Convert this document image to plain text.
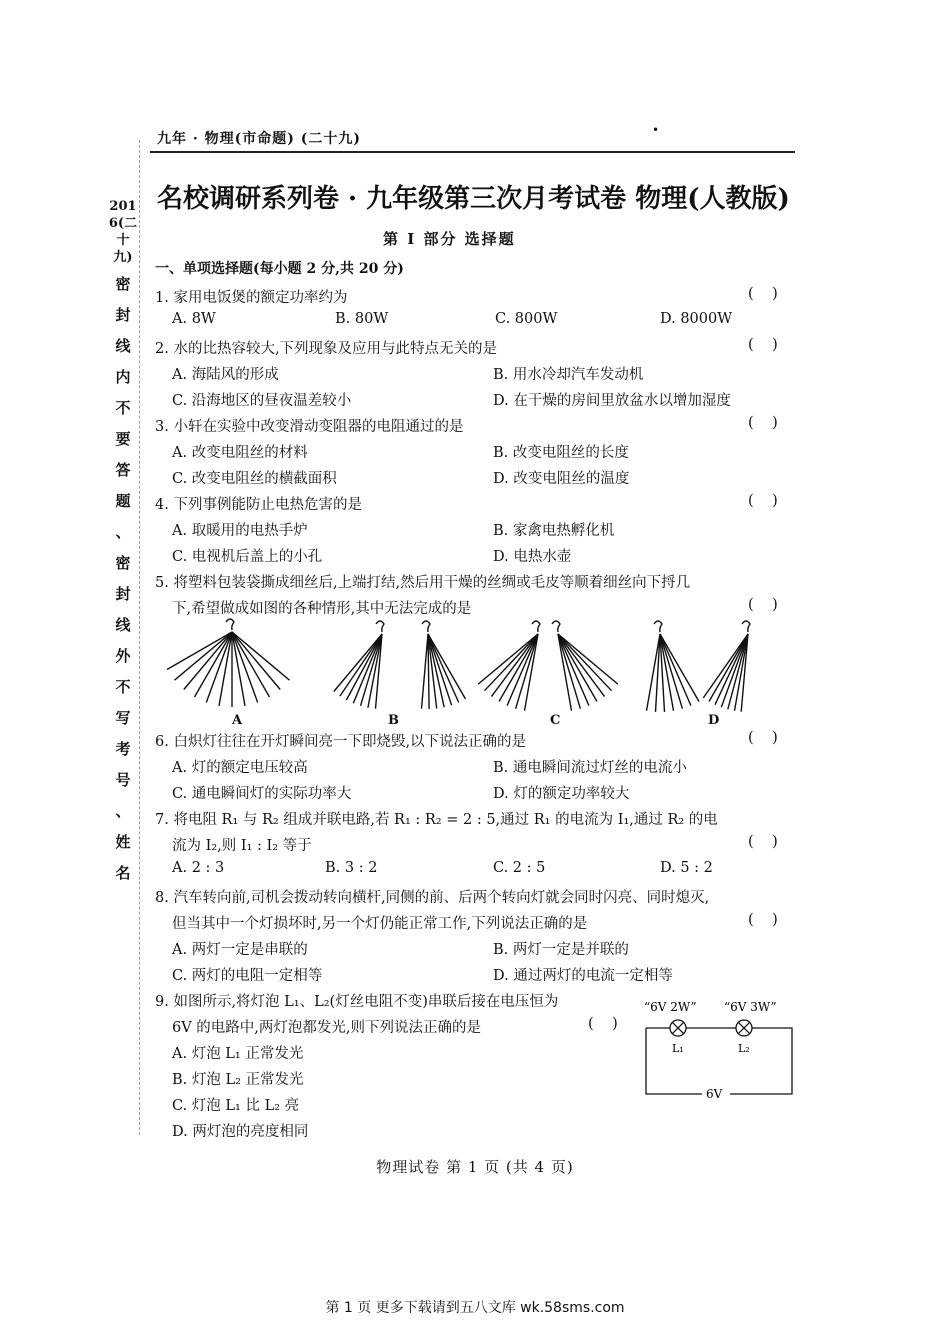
九年 · 物理(市命题) (二十九)
•
2016(二十九)
密
封
线
内
不
要
答
题
、
密
封
线
外
不
写
考
号
、
姓
名
名校调研系列卷 · 九年级第三次月考试卷 物理(人教版)
第 Ⅰ 部分 选择题
一、单项选择题(每小题 2 分,共 20 分)
1. 家用电饭煲的额定功率约为	(    )
A. 8W	B. 80W	C. 800W	D. 8000W
2. 水的比热容较大,下列现象及应用与此特点无关的是	(    )
A. 海陆风的形成	B. 用水冷却汽车发动机
C. 沿海地区的昼夜温差较小	D. 在干燥的房间里放盆水以增加湿度
3. 小轩在实验中改变滑动变阻器的电阻通过的是	(    )
A. 改变电阻丝的材料	B. 改变电阻丝的长度
C. 改变电阻丝的横截面积	D. 改变电阻丝的温度
4. 下列事例能防止电热危害的是	(    )
A. 取暖用的电热手炉	B. 家禽电热孵化机
C. 电视机后盖上的小孔	D. 电热水壶
5. 将塑料包装袋撕成细丝后,上端打结,然后用干燥的丝绸或毛皮等顺着细丝向下捋几
下,希望做成如图的各种情形,其中无法完成的是	(    )
A	B	C	D
6. 白炽灯往往在开灯瞬间亮一下即烧毁,以下说法正确的是	(    )
A. 灯的额定电压较高	B. 通电瞬间流过灯丝的电流小
C. 通电瞬间灯的实际功率大	D. 灯的额定功率较大
7. 将电阻 R₁ 与 R₂ 组成并联电路,若 R₁ : R₂ = 2 : 5,通过 R₁ 的电流为 I₁,通过 R₂ 的电
流为 I₂,则 I₁ : I₂ 等于	(    )
A. 2 : 3	B. 3 : 2	C. 2 : 5	D. 5 : 2
8. 汽车转向前,司机会拨动转向横杆,同侧的前、后两个转向灯就会同时闪亮、同时熄灭,
但当其中一个灯损坏时,另一个灯仍能正常工作,下列说法正确的是	(    )
A. 两灯一定是串联的	B. 两灯一定是并联的
C. 两灯的电阻一定相等	D. 通过两灯的电流一定相等
9. 如图所示,将灯泡 L₁、L₂(灯丝电阻不变)串联后接在电压恒为
6V 的电路中,两灯泡都发光,则下列说法正确的是	(    )
A. 灯泡 L₁ 正常发光
B. 灯泡 L₂ 正常发光
C. 灯泡 L₁ 比 L₂ 亮
D. 两灯泡的亮度相同
“6V 2W” “6V 3W”
L₁	L₂
6V
物理试卷 第 1 页 (共 4 页)
第 1 页 更多下载请到五八文库 wk.58sms.com
